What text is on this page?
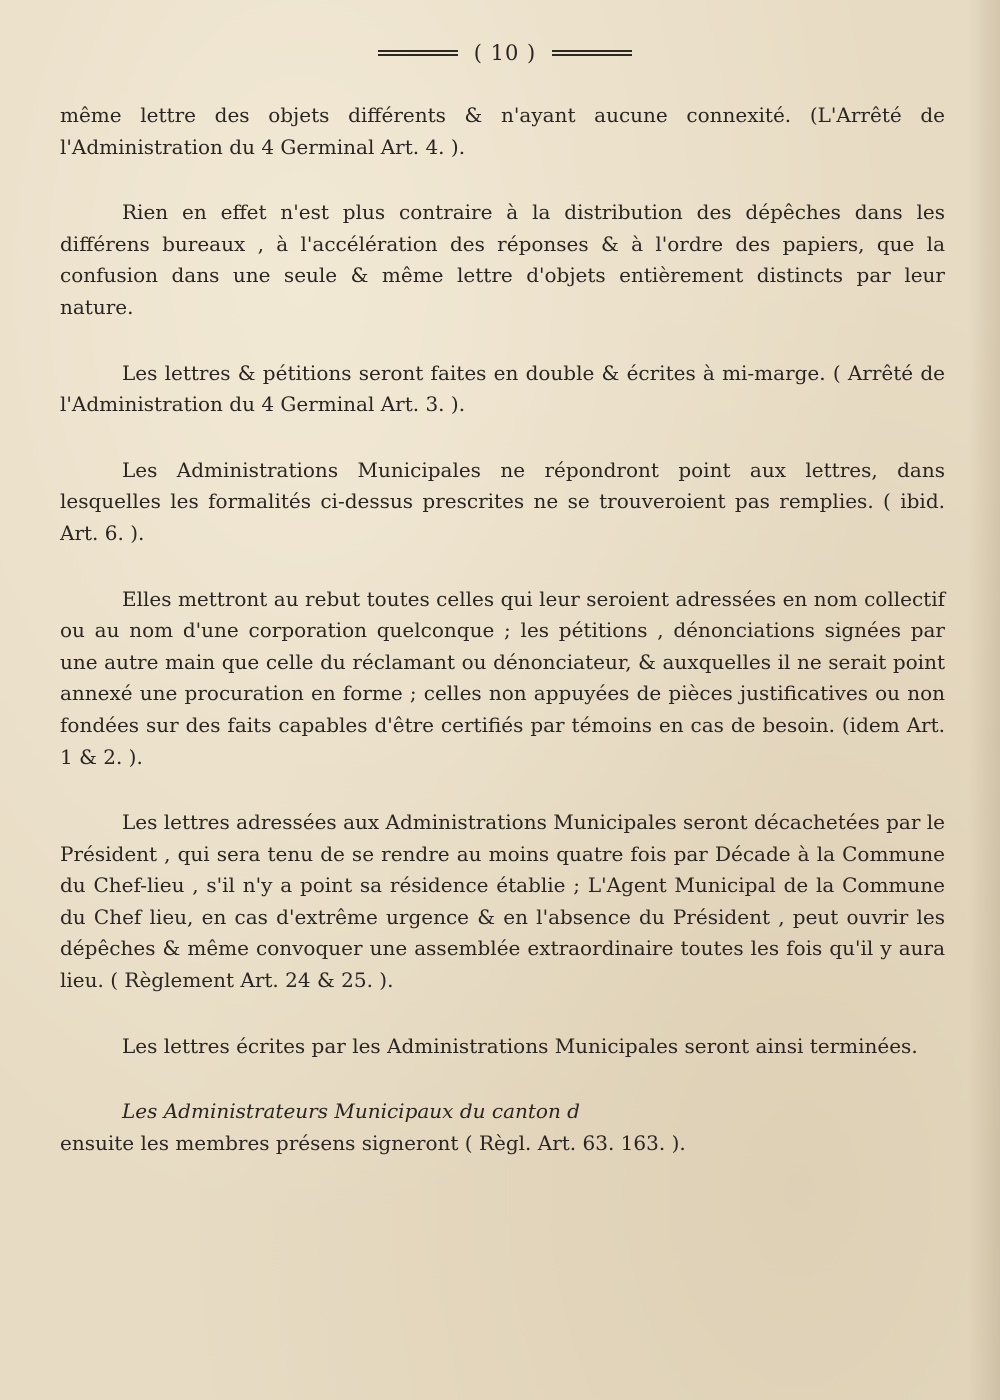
( 10 )

même lettre des objets différents & n'ayant aucune connexité. (L'Arrêté de l'Administration du 4 Germinal Art. 4. ).

Rien en effet n'est plus contraire à la distribution des dépêches dans les différens bureaux , à l'accélération des réponses & à l'ordre des papiers, que la confusion dans une seule & même lettre d'objets entièrement distincts par leur nature.

Les lettres & pétitions seront faites en double & écrites à mi-marge. ( Arrêté de l'Administration du 4 Germinal Art. 3. ).

Les Administrations Municipales ne répondront point aux lettres, dans lesquelles les formalités ci-dessus prescrites ne se trouveroient pas remplies. ( ibid. Art. 6. ).

Elles mettront au rebut toutes celles qui leur seroient adressées en nom collectif ou au nom d'une corporation quelconque ; les pétitions , dénonciations signées par une autre main que celle du réclamant ou dénonciateur, & auxquelles il ne serait point annexé une procuration en forme ; celles non appuyées de pièces justificatives ou non fondées sur des faits capables d'être certifiés par témoins en cas de besoin. (idem Art. 1 & 2. ).

Les lettres adressées aux Administrations Municipales seront décachetées par le Président , qui sera tenu de se rendre au moins quatre fois par Décade à la Commune du Chef-lieu , s'il n'y a point sa résidence établie ; L'Agent Municipal de la Commune du Chef lieu, en cas d'extrême urgence & en l'absence du Président , peut ouvrir les dépêches & même convoquer une assemblée extraordinaire toutes les fois qu'il y aura lieu. ( Règlement Art. 24 & 25. ).

Les lettres écrites par les Administrations Municipales seront ainsi terminées.

Les Administrateurs Municipaux du canton d

ensuite les membres présens signeront ( Règl. Art. 63. 163. ).
